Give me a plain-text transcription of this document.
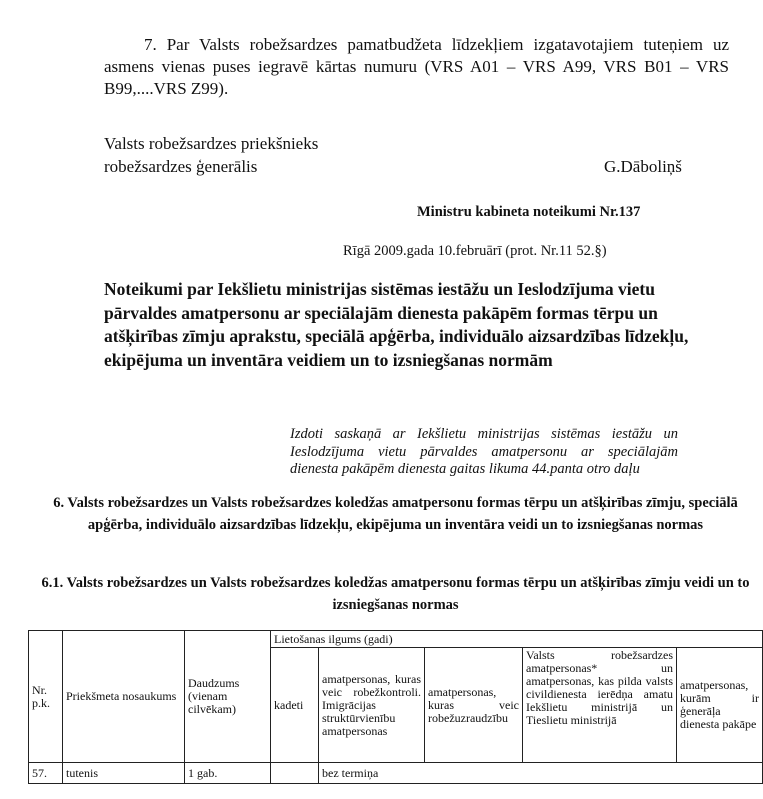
7. Par Valsts robežsardzes pamatbudžeta līdzekļiem izgatavotajiem tuteņiem uz asmens vienas puses iegravē kārtas numuru (VRS A01 – VRS A99, VRS B01 – VRS B99,....VRS Z99).
Valsts robežsardzes priekšnieks
robežsardzes ģenerālis	G.Dāboliņš
Ministru kabineta noteikumi Nr.137
Rīgā 2009.gada 10.februārī (prot. Nr.11 52.§)
Noteikumi par Iekšlietu ministrijas sistēmas iestāžu un Ieslodzījuma vietu pārvaldes amatpersonu ar speciālajām dienesta pakāpēm formas tērpu un atšķirības zīmju aprakstu, speciālā apģērba, individuālo aizsardzības līdzekļu, ekipējuma un inventāra veidiem un to izsniegšanas normām
Izdoti saskaņā ar Iekšlietu ministrijas sistēmas iestāžu un Ieslodzījuma vietu pārvaldes amatpersonu ar speciālajām dienesta pakāpēm dienesta gaitas likuma 44.panta otro daļu
6. Valsts robežsardzes un Valsts robežsardzes koledžas amatpersonu formas tērpu un atšķirības zīmju, speciālā apģērba, individuālo aizsardzības līdzekļu, ekipējuma un inventāra veidi un to izsniegšanas normas
6.1. Valsts robežsardzes un Valsts robežsardzes koledžas amatpersonu formas tērpu un atšķirības zīmju veidi un to izsniegšanas normas
Nr. p.k.	Priekšmeta nosaukums	Daudzums (vienam cilvēkam)	Lietošanas ilgums (gadi)				
			kadeti	amatpersonas, kuras veic robežkontroli. Imigrācijas struktūrvienību amatpersonas	amatpersonas, kuras veic robežuzraudzību	Valsts robežsardzes amatpersonas* un amatpersonas, kas pilda valsts civildienesta ierēdņa amatu Iekšlietu ministrijā un Tieslietu ministrijā	amatpersonas, kurām ir ģenerāļa dienesta pakāpe
57.	tutenis	1 gab.		bez termiņa			
